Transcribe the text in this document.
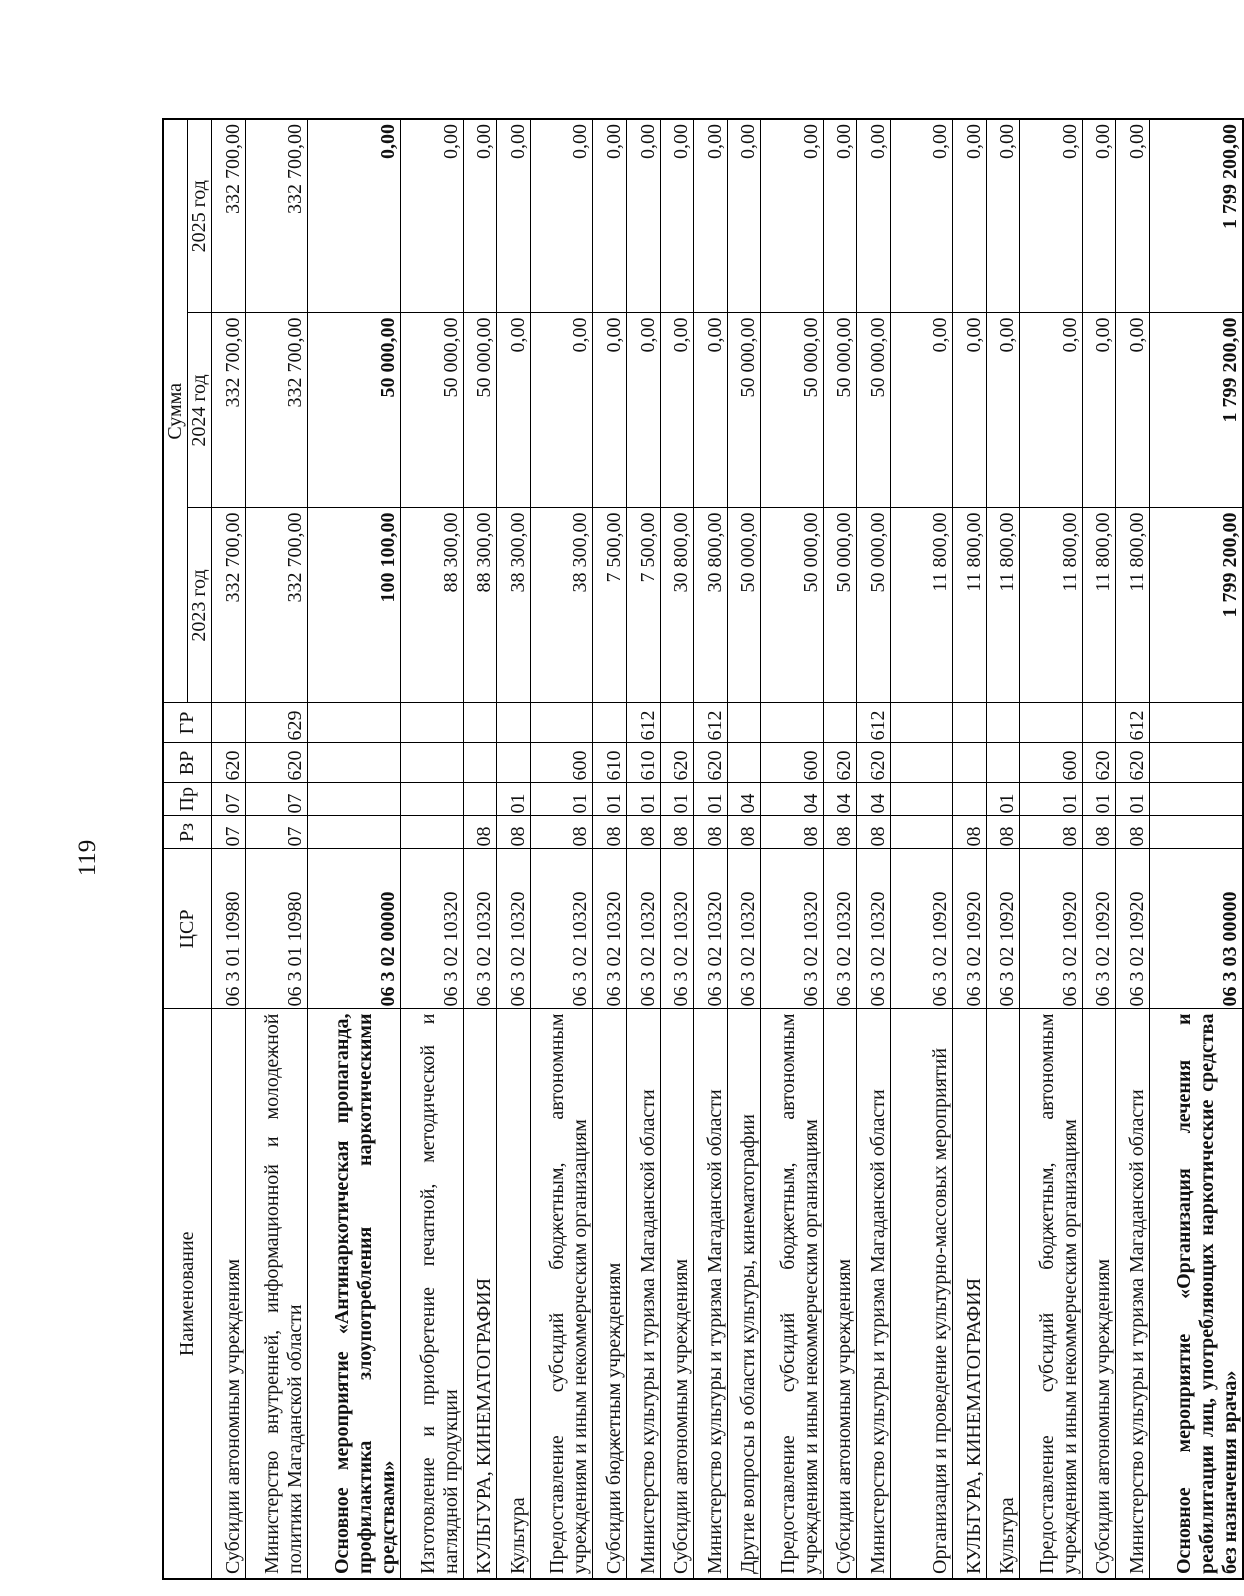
119
Наименование	ЦСР	Рз	Пр	ВР	ГР	Сумма		
						2023 год	2024 год	2025 год
Субсидии автономным учреждениям	06 3 01 10980	07	07	620		332 700,00	332 700,00	332 700,00
Министерство внутренней, информационной и молодежной политики Магаданской области	06 3 01 10980	07	07	620	629	332 700,00	332 700,00	332 700,00
Основное мероприятие «Антинаркотическая пропаганда, профилактика злоупотребления наркотическими средствами»	06 3 02 00000					100 100,00	50 000,00	0,00
Изготовление и приобретение печатной, методической и наглядной продукции	06 3 02 10320					88 300,00	50 000,00	0,00
КУЛЬТУРА, КИНЕМАТОГРАФИЯ	06 3 02 10320	08				88 300,00	50 000,00	0,00
Культура	06 3 02 10320	08	01			38 300,00	0,00	0,00
Предоставление субсидий бюджетным, автономным учреждениям и иным некоммерческим организациям	06 3 02 10320	08	01	600		38 300,00	0,00	0,00
Субсидии бюджетным учреждениям	06 3 02 10320	08	01	610		7 500,00	0,00	0,00
Министерство культуры и туризма Магаданской области	06 3 02 10320	08	01	610	612	7 500,00	0,00	0,00
Субсидии автономным учреждениям	06 3 02 10320	08	01	620		30 800,00	0,00	0,00
Министерство культуры и туризма Магаданской области	06 3 02 10320	08	01	620	612	30 800,00	0,00	0,00
Другие вопросы в области культуры, кинематографии	06 3 02 10320	08	04			50 000,00	50 000,00	0,00
Предоставление субсидий бюджетным, автономным учреждениям и иным некоммерческим организациям	06 3 02 10320	08	04	600		50 000,00	50 000,00	0,00
Субсидии автономным учреждениям	06 3 02 10320	08	04	620		50 000,00	50 000,00	0,00
Министерство культуры и туризма Магаданской области	06 3 02 10320	08	04	620	612	50 000,00	50 000,00	0,00
Организация и проведение культурно-массовых мероприятий	06 3 02 10920					11 800,00	0,00	0,00
КУЛЬТУРА, КИНЕМАТОГРАФИЯ	06 3 02 10920	08				11 800,00	0,00	0,00
Культура	06 3 02 10920	08	01			11 800,00	0,00	0,00
Предоставление субсидий бюджетным, автономным учреждениям и иным некоммерческим организациям	06 3 02 10920	08	01	600		11 800,00	0,00	0,00
Субсидии автономным учреждениям	06 3 02 10920	08	01	620		11 800,00	0,00	0,00
Министерство культуры и туризма Магаданской области	06 3 02 10920	08	01	620	612	11 800,00	0,00	0,00
Основное мероприятие «Организация лечения и реабилитации лиц, употребляющих наркотические средства без назначения врача»	06 3 03 00000					1 799 200,00	1 799 200,00	1 799 200,00
